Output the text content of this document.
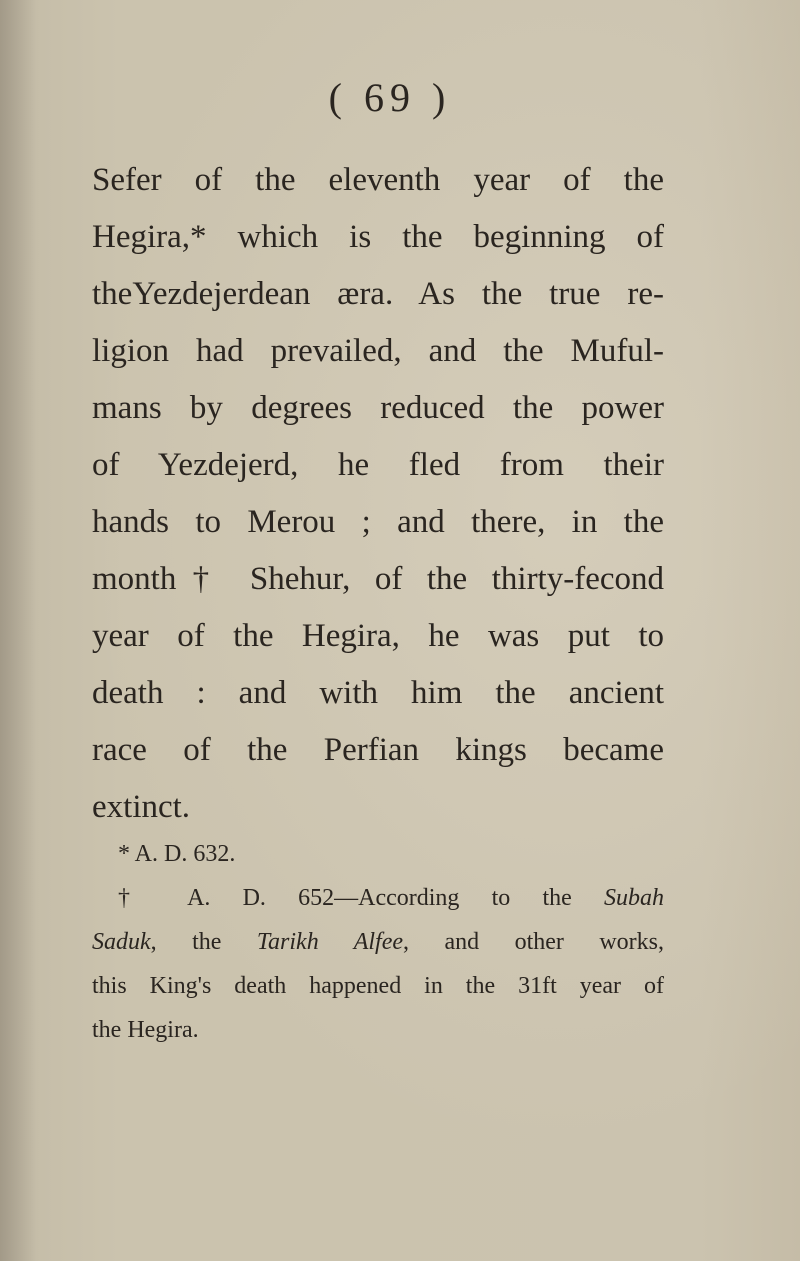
( 69 )
Sefer of the eleventh year of the
Hegira,* which is the beginning of
theYezdejerdean æra. As the true re-
ligion had prevailed, and the Muful-
mans by degrees reduced the power
of Yezdejerd, he fled from their
hands to Merou ; and there, in the
month† Shehur, of the thirty-fecond
year of the Hegira, he was put to
death : and with him the ancient
race of the Perfian kings became
extinct.
* A. D. 632.
† A. D. 652—According to the Subah
Saduk, the Tarikh Alfee, and other works,
this King's death happened in the 31ft year of
the Hegira.
